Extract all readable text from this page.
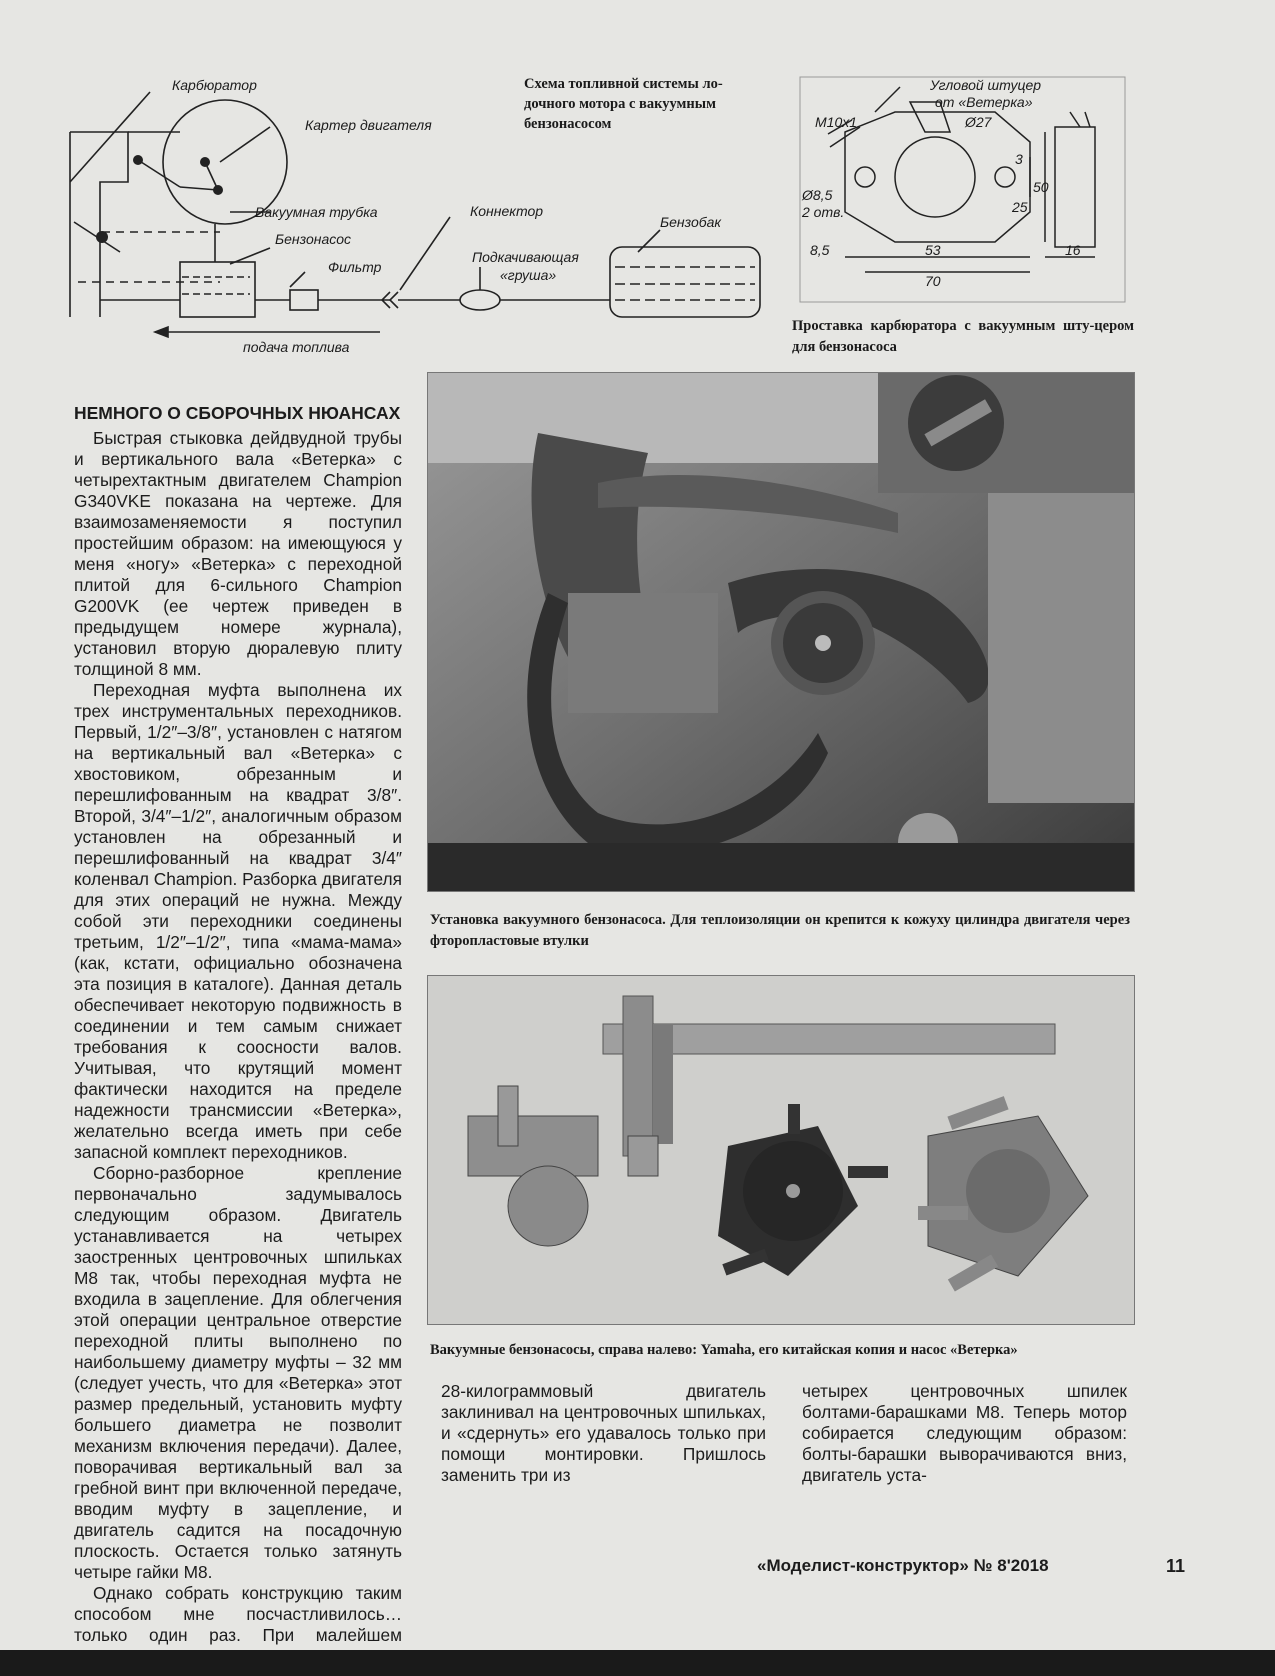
Карбюратор
Картер двигателя
Вакуумная трубка
Бензонасос
Фильтр
Коннектор
Подкачивающая
«груша»
Бензобак
подача топлива
Схема топливной системы ло-
дочного мотора с вакуумным
бензонасосом
Угловой штуцер
от «Ветерка»
M10x1	Ø27
Ø8,5
2 отв.
3
25
50
8,5	53
70
16
Проставка карбюратора с вакуумным шту-цером для бензонасоса
НЕМНОГО О СБОРОЧНЫХ НЮАНСАХ

Быстрая стыковка дейдвудной трубы и вертикального вала «Ветерка» с четырехтактным двигателем Champion G340VKE показана на чертеже. Для взаимозаменяемости я поступил простейшим образом: на имеющуюся у меня «ногу» «Ветерка» с переходной плитой для 6-сильного Champion G200VK (ее чертеж приведен в предыдущем номере журнала), установил вторую дюралевую плиту толщиной 8 мм.

Переходная муфта выполнена их трех инструментальных переходников. Первый, 1/2″–3/8″, установлен с натягом на вертикальный вал «Ветерка» с хвостовиком, обрезанным и перешлифованным на квадрат 3/8″. Второй, 3/4″–1/2″, аналогичным образом установлен на обрезанный и перешлифованный на квадрат 3/4″ коленвал Champion. Разборка двигателя для этих операций не нужна. Между собой эти переходники соединены третьим, 1/2″–1/2″, типа «мама-мама» (как, кстати, официально обозначена эта позиция в каталоге). Данная деталь обеспечивает некоторую подвижность в соединении и тем самым снижает требования к соосности валов. Учитывая, что крутящий момент фактически находится на пределе надежности трансмиссии «Ветерка», желательно всегда иметь при себе запасной комплект переходников.

Сборно-разборное крепление первоначально задумывалось следующим образом. Двигатель устанавливается на четырех заостренных центровочных шпильках М8 так, чтобы переходная муфта не входила в зацепление. Для облегчения этой операции центральное отверстие переходной плиты выполнено по наибольшему диаметру муфты – 32 мм (следует учесть, что для «Ветерка» этот размер предельный, установить муфту большего диаметра не позволит механизм включения передачи). Далее, поворачивая вертикальный вал за гребной винт при включенной передаче, вводим муфту в зацепление, и двигатель садится на посадочную плоскость. Остается только затянуть четыре гайки М8.

Однако собрать конструкцию таким способом мне посчастливилось… только один раз. При малейшем

Установка вакуумного бензонасоса. Для теплоизоляции он крепится к кожуху цилиндра двигателя через фторопластовые втулки
Вакуумные бензонасосы, справа налево: Yamaha, его китайская копия и насос «Ветерка»

28-килограммовый двигатель заклинивал на центровочных шпильках, и «сдернуть» его удавалось только при помощи монтировки. Пришлось заменить три из

четырех центровочных шпилек болтами-барашками М8. Теперь мотор собирается следующим образом: болты-барашки выворачиваются вниз, двигатель уста-

«Моделист-конструктор» № 8'2018	11
